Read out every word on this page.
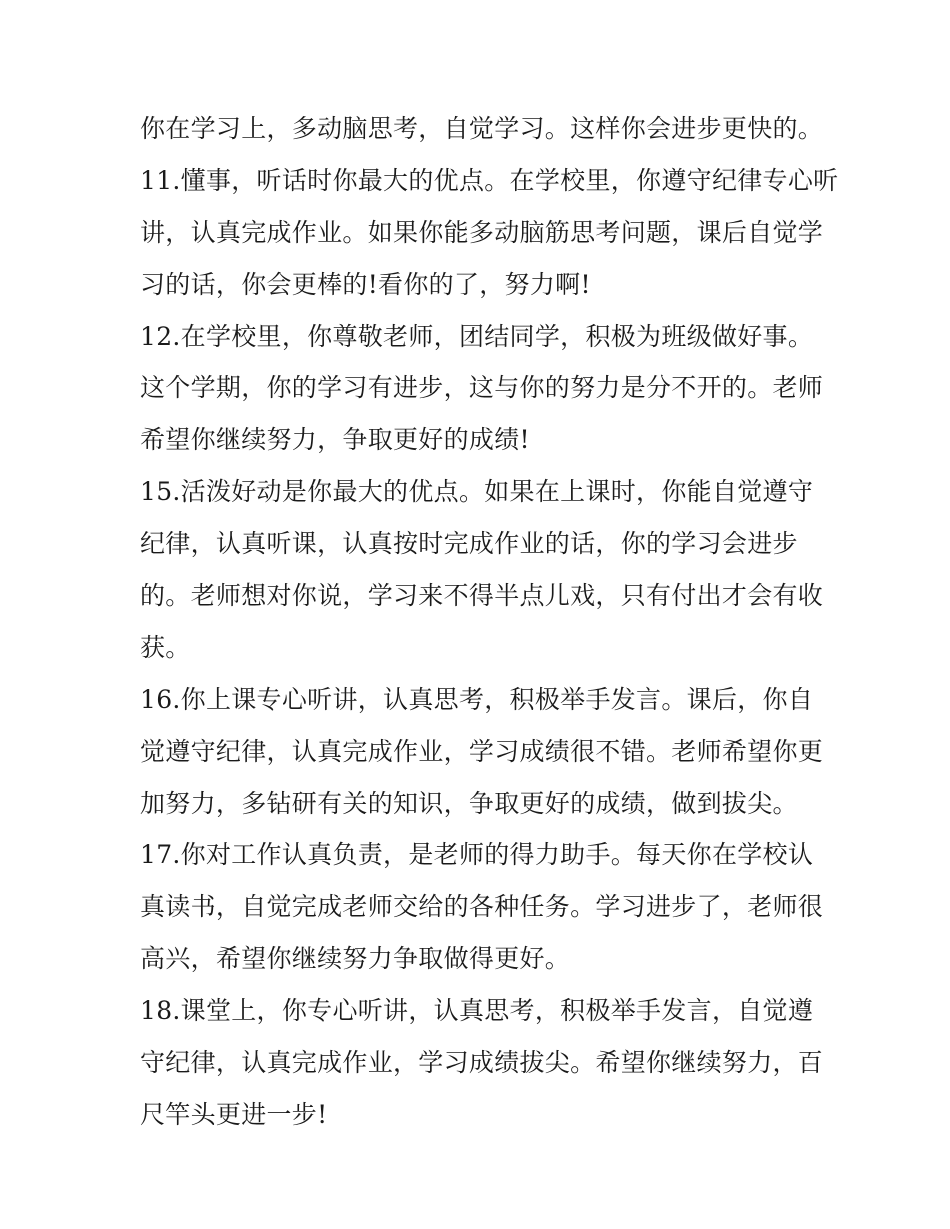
你在学习上，多动脑思考，自觉学习。这样你会进步更快的。
11.懂事，听话时你最大的优点。在学校里，你遵守纪律专心听
讲，认真完成作业。如果你能多动脑筋思考问题，课后自觉学
习的话，你会更棒的!看你的了，努力啊!
12.在学校里，你尊敬老师，团结同学，积极为班级做好事。
这个学期，你的学习有进步，这与你的努力是分不开的。老师
希望你继续努力，争取更好的成绩!
15.活泼好动是你最大的优点。如果在上课时，你能自觉遵守
纪律，认真听课，认真按时完成作业的话，你的学习会进步
的。老师想对你说，学习来不得半点儿戏，只有付出才会有收
获。
16.你上课专心听讲，认真思考，积极举手发言。课后，你自
觉遵守纪律，认真完成作业，学习成绩很不错。老师希望你更
加努力，多钻研有关的知识，争取更好的成绩，做到拔尖。
17.你对工作认真负责，是老师的得力助手。每天你在学校认
真读书，自觉完成老师交给的各种任务。学习进步了，老师很
高兴，希望你继续努力争取做得更好。
18.课堂上，你专心听讲，认真思考，积极举手发言，自觉遵
守纪律，认真完成作业，学习成绩拔尖。希望你继续努力，百
尺竿头更进一步!
